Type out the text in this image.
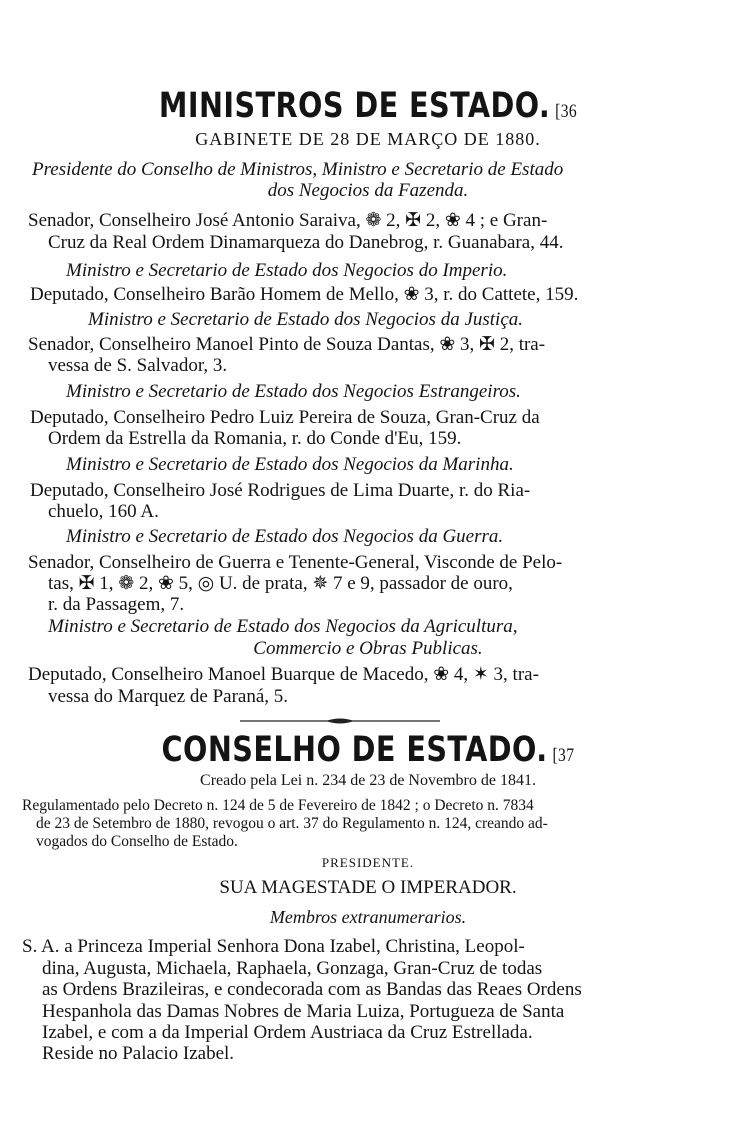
MINISTROS DE ESTADO. [36
GABINETE DE 28 DE MARÇO DE 1880.
Presidente do Conselho de Ministros, Ministro e Secretario de Estado
dos Negocios da Fazenda.
Senador, Conselheiro José Antonio Saraiva, ❁ 2, ✠ 2, ❀ 4 ; e Gran-
Cruz da Real Ordem Dinamarqueza do Danebrog, r. Guanabara, 44.
Ministro e Secretario de Estado dos Negocios do Imperio.
Deputado, Conselheiro Barão Homem de Mello, ❀ 3, r. do Cattete, 159.
Ministro e Secretario de Estado dos Negocios da Justiça.
Senador, Conselheiro Manoel Pinto de Souza Dantas, ❀ 3, ✠ 2, tra-
vessa de S. Salvador, 3.
Ministro e Secretario de Estado dos Negocios Estrangeiros.
Deputado, Conselheiro Pedro Luiz Pereira de Souza, Gran-Cruz da
Ordem da Estrella da Romania, r. do Conde d'Eu, 159.
Ministro e Secretario de Estado dos Negocios da Marinha.
Deputado, Conselheiro José Rodrigues de Lima Duarte, r. do Ria-
chuelo, 160 A.
Ministro e Secretario de Estado dos Negocios da Guerra.
Senador, Conselheiro de Guerra e Tenente-General, Visconde de Pelo-
tas, ✠ 1, ❁ 2, ❀ 5, ◎ U. de prata, ✵ 7 e 9, passador de ouro,
r. da Passagem, 7.
Ministro e Secretario de Estado dos Negocios da Agricultura,
Commercio e Obras Publicas.
Deputado, Conselheiro Manoel Buarque de Macedo, ❀ 4, ✶ 3, tra-
vessa do Marquez de Paraná, 5.
CONSELHO DE ESTADO. [37
Creado pela Lei n. 234 de 23 de Novembro de 1841.
Regulamentado pelo Decreto n. 124 de 5 de Fevereiro de 1842 ; o Decreto n. 7834
de 23 de Setembro de 1880, revogou o art. 37 do Regulamento n. 124, creando ad-
vogados do Conselho de Estado.
PRESIDENTE.
SUA MAGESTADE O IMPERADOR.
Membros extranumerarios.
S. A. a Princeza Imperial Senhora Dona Izabel, Christina, Leopol-
dina, Augusta, Michaela, Raphaela, Gonzaga, Gran-Cruz de todas
as Ordens Brazileiras, e condecorada com as Bandas das Reaes Ordens
Hespanhola das Damas Nobres de Maria Luiza, Portugueza de Santa
Izabel, e com a da Imperial Ordem Austriaca da Cruz Estrellada.
Reside no Palacio Izabel.
